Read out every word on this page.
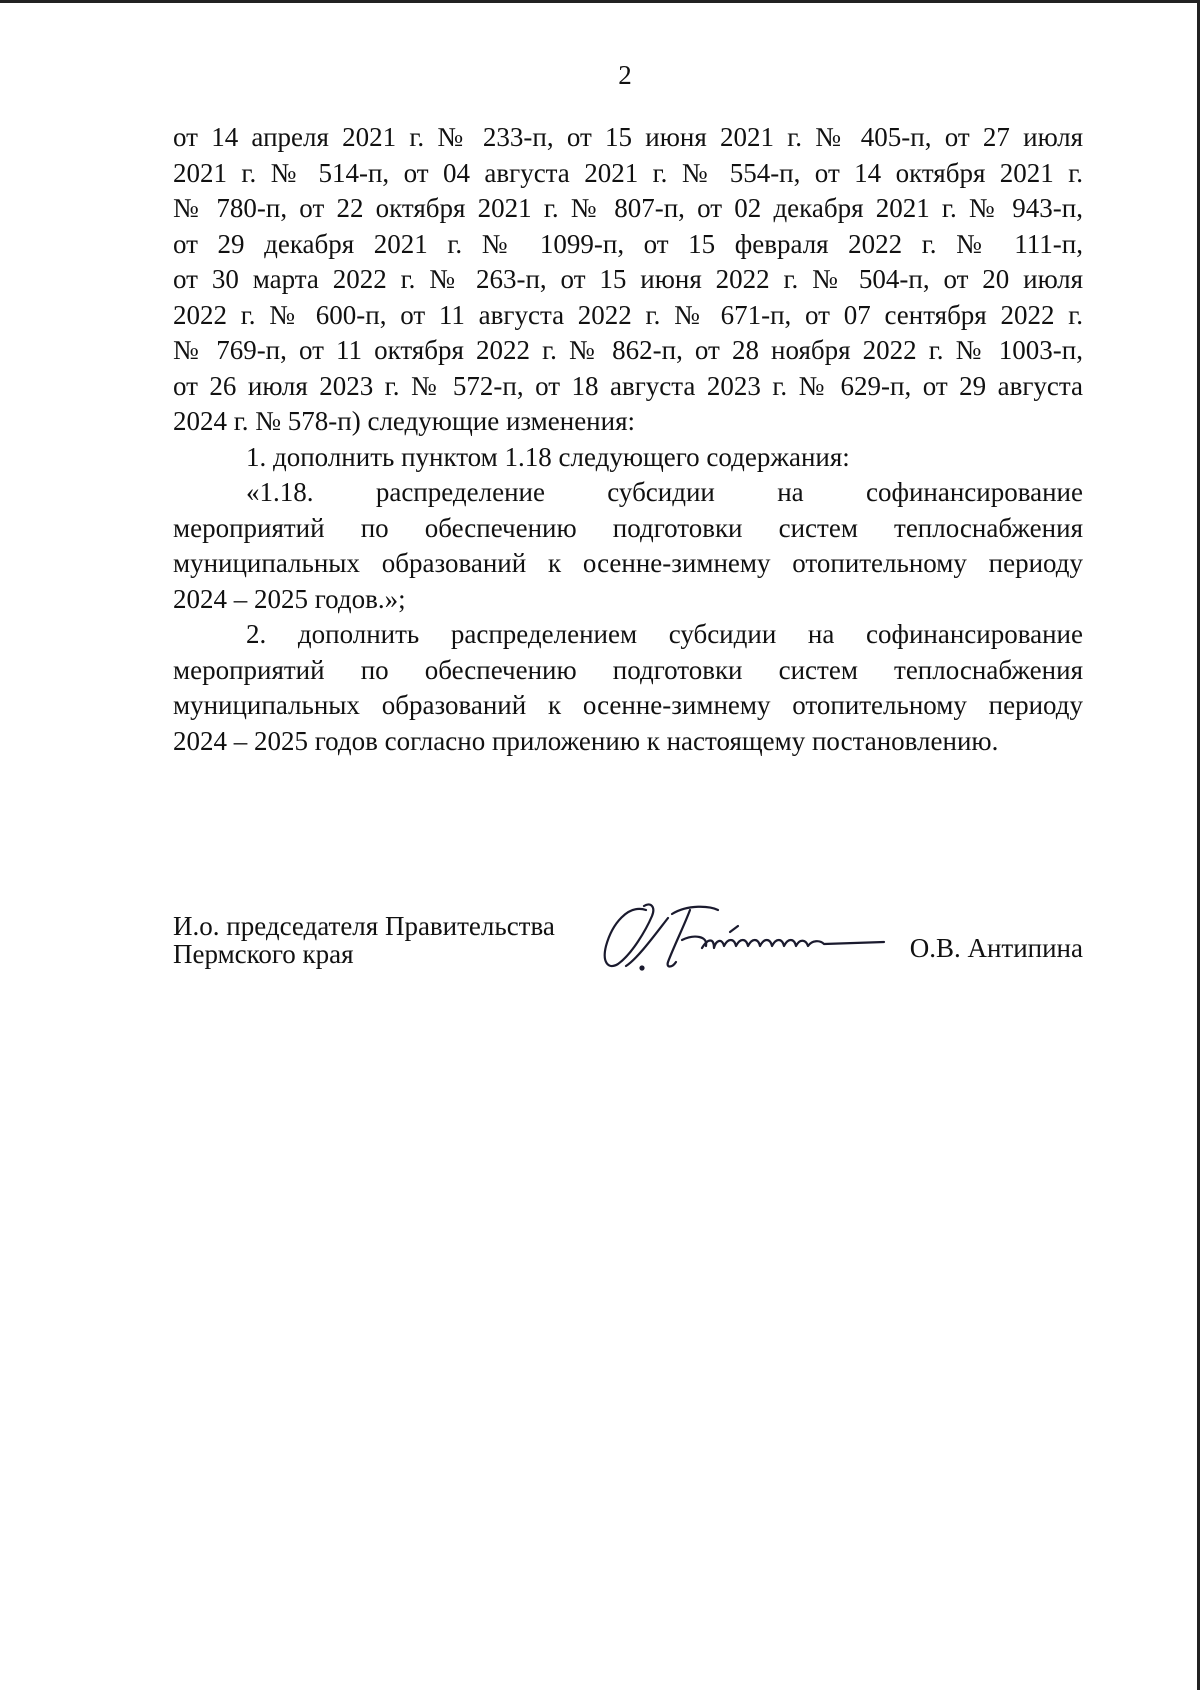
2
от 14 апреля 2021 г. № 233-п, от 15 июня 2021 г. № 405-п, от 27 июля
2021 г. № 514-п, от 04 августа 2021 г. № 554-п, от 14 октября 2021 г.
№ 780-п, от 22 октября 2021 г. № 807-п, от 02 декабря 2021 г. № 943-п,
от 29 декабря 2021 г. № 1099-п, от 15 февраля 2022 г. № 111-п,
от 30 марта 2022 г. № 263-п, от 15 июня 2022 г. № 504-п, от 20 июля
2022 г. № 600-п, от 11 августа 2022 г. № 671-п, от 07 сентября 2022 г.
№ 769-п, от 11 октября 2022 г. № 862-п, от 28 ноября 2022 г. № 1003-п,
от 26 июля 2023 г. № 572-п, от 18 августа 2023 г. № 629-п, от 29 августа
2024 г. № 578-п) следующие изменения:
1. дополнить пунктом 1.18 следующего содержания:
«1.18. распределение субсидии на софинансирование
мероприятий по обеспечению подготовки систем теплоснабжения
муниципальных образований к осенне-зимнему отопительному периоду
2024 – 2025 годов.»;
2. дополнить распределением субсидии на софинансирование
мероприятий по обеспечению подготовки систем теплоснабжения
муниципальных образований к осенне-зимнему отопительному периоду
2024 – 2025 годов согласно приложению к настоящему постановлению.
И.о. председателя Правительства
Пермского края	О.В. Антипина
